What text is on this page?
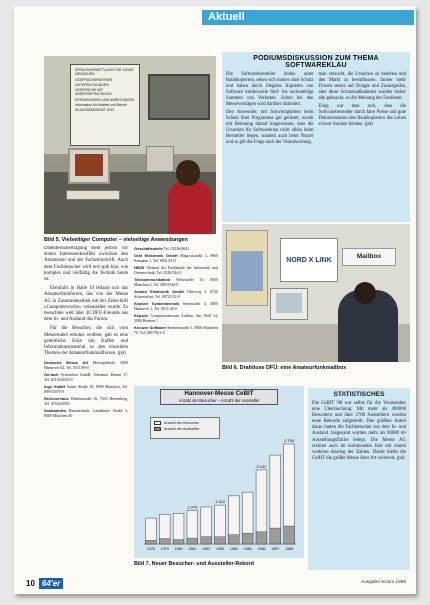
Aktuell
SPRACHVERMITTLUNG FÜR JUNGE MENSCHEN
GESPRÄCHSPARTNER
UNTERSUCHUNGEN
GESPRÄCHE MIT ANDERSSPRACHIGEN
ERFAHRUNGEN UND ANREGUNGEN
Information für Arbeiter und Berufe
IM AUSSENDIENST 2010
Bild 5. Vielseitiger Computer – vielseitige Anwendungen
PODIUMSDISKUSSION ZUM THEMA SOFTWAREKLAU

Die Softwarehersteller leiden unter Raubkopierern, sehen sich immer ohne Schutz und haben durch illegales Kopieren von Software mittlerweile fünf- bis sechsstellige Summen von Verlusten. Schon bei den Messevorträgen wird darüber diskutiert.

Den Anwender, mit Schwierigkeiten beim Schutz ihrer Programme gut gerüstet, wurde mit Betonung darauf hingewiesen, dass die Ursachen für Softwareklau nicht allein beim Hersteller liegen, sondern auch beim Nutzer und so gilt die Frage nach der Verantwortung.

man versucht, die Ursachen zu beheben und den Markt zu beeinflussen. Immer mehr Firmen setzen auf Dongle und Zusatzgeräte, aber diese Schutzmaßnahmen wurden bisher alle geknackt, so die Meinung der Fachleute.

Einig war man sich, dass die Softwarehersteller durch faire Preise und gute Dokumentation den Raubkopierern das Leben schwer machen können. (pd)

NORD X LINK
Mailbox
Bild 6. Drahtlose DFÜ: eine Amateurfunkmailbox

Datenfernübertragung steht jedoch vor einem Interessenkonflikt zwischen den Amateuren und der Fachzeitschrift. Auch dem Fachbesucher wird erst spät klar, wie komplex und vielfältig die Technik heute ist.

Ebenfalls in Halle 19 befand sich das Amateurfunkforum, das von der Messe AG in Zusammenarbeit mit der Zeitschrift »Computerwoche« veranstaltet wurde. Es besuchten weit über 30 DFÜ-Freunde aus dem In- und Ausland das Forum.

Für die Besucher, die sich vom Messetrubel erholen wollten, gab es eine gemütliche Ecke mit Kaffee und Informationsmaterial zu den einzelnen Themen der Amateurfunkmailboxen. (pd)

Deutsche Messe AG Messegelände, 3000 Hannover 82, Tel. 0511/89-0

Gerlach Systembau GmbH, Adenauer Damm 17, Tel. 02103/6018-0

Inge GmbH Sutzer Straße 50, 8000 München, Tel. 089/55070-0

Rechnerhaus Wahlenstraße 16, 7033 Herrenberg, Tel. 07032/6050

Sarabandes Datentechnik, Landshuter Straße 3, 8000 München 40

Geschäftsstelle Tel. 02236/6041

Graf Elektronik GmbH Magirusstraße 3, 8960 Kempten 1, Tel. 0831/6111

HEIDI Verband der Fachkunde der Informatik und Datentechnik, Tel. 0228/544-0

Telekommunikation Wehrstraße 33, 8000 München 2, Tel. 089/5544-0

Jordan Elektronik GmbH Oberweg 5, 8720 Schweinfurt, Tel. 09721/52-0

Kepsler Systemtechnik Sternstraße 4, 3000 Hannover 1, Tel. 0511/44-0

Kepsler Computerzentrum Aufbau, Am Wall 14, 3000 Bremen 1

Kreuzer Software Siemensstraße 1, 8000 München 70, Tel. 089/7821-0

1978 1979 1980
1.070
1981 1982
1.310
1983 1984 1985
2.142
1986 1987
2.700
1988
Hannover-Messe CeBIT
Anzahl der Besucher – Anzahl der Aussteller
Anzahl der Besucher
Anzahl der Aussteller
Bild 7. Neuer Besucher- und Aussteller-Rekord
STATISTISCHES

Die CeBIT '88 war selbst für die Veranstalter eine Überraschung: Mit mehr als 490000 Besuchern und über 2700 Ausstellern wurden neue Rekorde aufgestellt. Den größten Anteil daran hatten die Fachbesucher aus dem In- und Ausland. Insgesamt wurden mehr als 96000 m² Ausstellungsfläche belegt. Die Messe AG rechnet auch im kommenden Jahr mit einem weiteren Anstieg der Zahlen. Damit bleibt die CeBIT die größte Messe ihrer Art weltweit. (pd)

10 64'er	Ausgabe 5/Juni 1988
